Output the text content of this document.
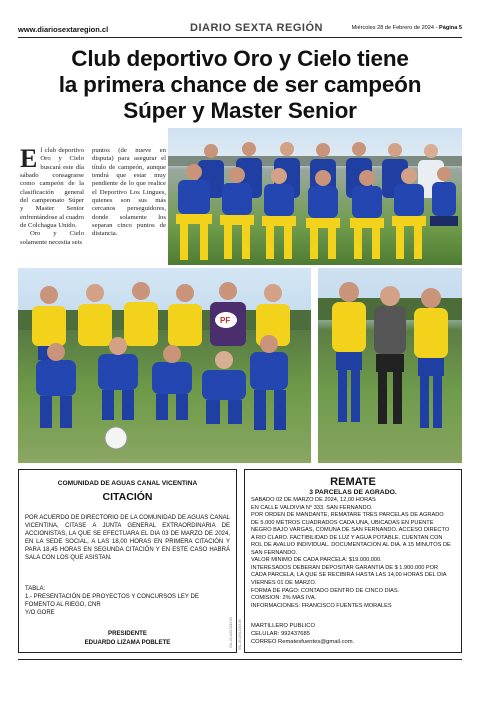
www.diariosextaregion.cl	DIARIO SEXTA REGIÓN	Miércoles 28 de Febrero de 2024 - Página 5
Club deportivo Oro y Cielo tiene
la primera chance de ser campeón
Súper y Master Senior
E l club deportivo Oro y Cielo buscará este día sábado consagrarse como campeón de la clasificación general del campeonato Súper y Master Senior enfrentándose al cuadro de Colchagua Unido.
Oro y Cielo solamente necesita seis
puntos (de nueve en disputa) para asegurar el título de campeón, aunque tendrá que estar muy pendiente de lo que realice el Deportivo Los Lingues, quienes son sus más cercanos perseguidores, donde solamente los separan cinco puntos de distancia.
PF
COMUNIDAD DE AGUAS CANAL VICENTINA
CITACIÓN
POR ACUERDO DE DIRECTORIO DE LA COMUNIDAD DE AGUAS CANAL VICENTINA, CITASE A JUNTA GENERAL EXTRAORDINARIA DE ACCIONISTAS, LA QUE SE EFECTUARA EL DIA 03 DE MARZO DE 2024, EN LA SEDE SOCIAL, A LAS 18,00 HORAS EN PRIMERA CITACIÓN Y PARA 18,45 HORAS EN SEGUNDA CITACIÓN Y EN ESTE CASO HABRÁ SALA CON LOS QUE ASISTAN.
TABLA:
1.- PRESENTACIÓN DE PROYECTOS Y CONCURSOS LEY DE FOMENTO AL RIEGO, CNR
Y/O GORE
PRESIDENTE
EDUARDO LIZAMA POBLETE	VSL-09-ASS-0219-03
REMATE
3 PARCELAS DE AGRADO.
SABADO 02 DE MARZO DE 2024, 12,00 HORAS
EN CALLE VALDIVIA N° 333. SAN FERNANDO.
POR ORDEN DE MANDANTE, REMATARE TRES PARCELAS DE AGRADO DE 5.000 METROS CUADRADOS CADA UNA, UBICADAS EN PUENTE NEGRO BAJO VARGAS, COMUNA DE SAN FERNANDO. ACCESO DIRECTO A RIO CLARO. FACTIBILIDAD DE LUZ Y AGUA POTABLE. CUENTAN CON ROL DE AVALUO INDIVIDUAL. DOCUMENTACION AL DIA. A 15 MINUTOS DE SAN FERNANDO.
VALOR MINIMO DE CADA PARCELA: $19.000.000.
INTERESADOS DEBERAN DEPOSITAR GARANTIA DE $ 1.900.000 POR CADA PARCELA, LA QUE SE RECIBIRÁ HASTA LAS 14,00 HORAS DEL DIA VIERNES 01 DE MARZO.
FORMA DE PAGO: CONTADO DENTRO DE CINCO DIAS.
COMISION: 2% MAS IVA.
INFORMACIONES: FRANCISCO FUENTES MORALES
MARTILLERO PUBLICO
CELULAR: 992437685
CORREO Rematesfuentes@gmail.com.
VSL-09-ASS-0219-05
